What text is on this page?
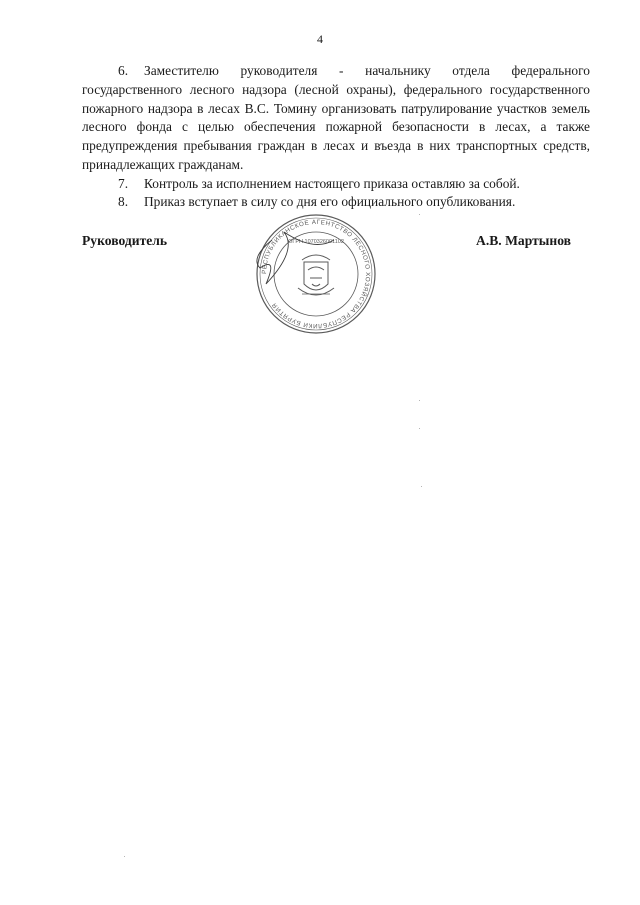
4
6. Заместителю руководителя - начальнику отдела федерального государственного лесного надзора (лесной охраны), федерального государственного пожарного надзора в лесах В.С. Томину организовать патрулирование участков земель лесного фонда с целью обеспечения пожарной безопасности в лесах, а также предупреждения пребывания граждан в лесах и въезда в них транспортных средств, принадлежащих гражданам.
7. Контроль за исполнением настоящего приказа оставляю за собой.
8. Приказ вступает в силу со дня его официального опубликования.
Руководитель	А.В. Мартынов
РЕСПУБЛИКАНСКОЕ АГЕНТСТВО ЛЕСНОГО ХОЗЯЙСТВА РЕСПУБЛИКИ БУРЯТИЯ
ОГРН 1070326001102
